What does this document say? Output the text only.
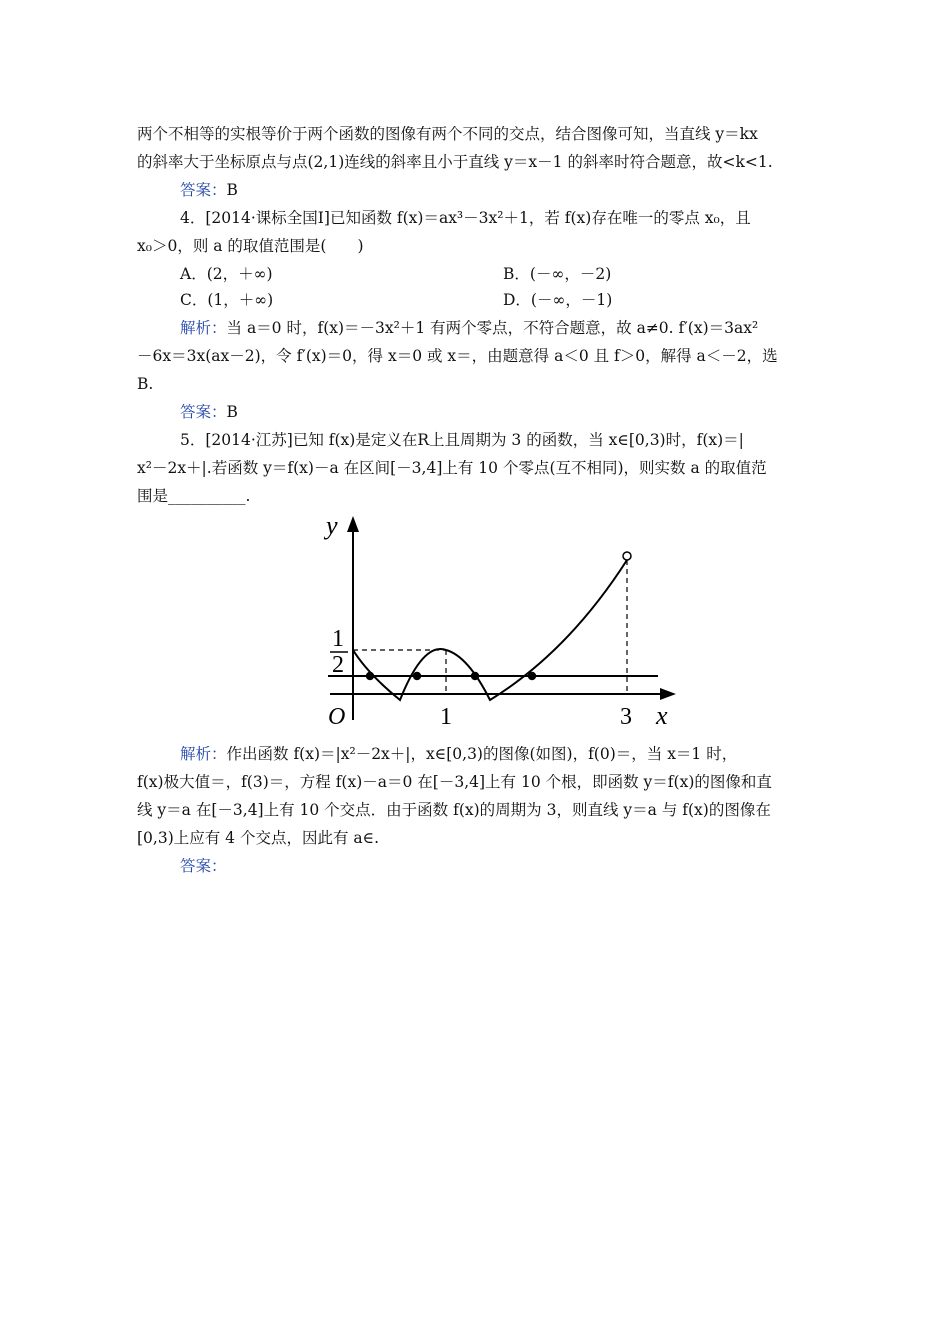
两个不相等的实根等价于两个函数的图像有两个不同的交点，结合图像可知，当直线 y＝kx
的斜率大于坐标原点与点(2,1)连线的斜率且小于直线 y＝x－1 的斜率时符合题意，故<k<1.
答案：B
4．[2014·课标全国Ⅰ]已知函数 f(x)＝ax³－3x²＋1，若 f(x)存在唯一的零点 x₀，且
x₀＞0，则 a 的取值范围是(　　)
A．(2，＋∞)	B．(－∞，－2)
C．(1，＋∞)	D．(－∞，－1)
解析：当 a＝0 时，f(x)＝－3x²＋1 有两个零点，不符合题意，故 a≠0. f′(x)＝3ax²
－6x＝3x(ax－2)，令 f′(x)＝0，得 x＝0 或 x＝，由题意得 a＜0 且 f＞0，解得 a＜－2，选
B.
答案：B
5．[2014·江苏]已知 f(x)是定义在R上且周期为 3 的函数，当 x∈[0,3)时，f(x)＝|
x²－2x＋|.若函数 y＝f(x)－a 在区间[－3,4]上有 10 个零点(互不相同)，则实数 a 的取值范
围是__________.
y
x
O	1	3
1
2
解析：作出函数 f(x)＝|x²－2x＋|，x∈[0,3)的图像(如图)，f(0)＝，当 x＝1 时，
f(x)极大值＝，f(3)＝，方程 f(x)－a＝0 在[－3,4]上有 10 个根，即函数 y＝f(x)的图像和直
线 y＝a 在[－3,4]上有 10 个交点．由于函数 f(x)的周期为 3，则直线 y＝a 与 f(x)的图像在
[0,3)上应有 4 个交点，因此有 a∈.
答案：
